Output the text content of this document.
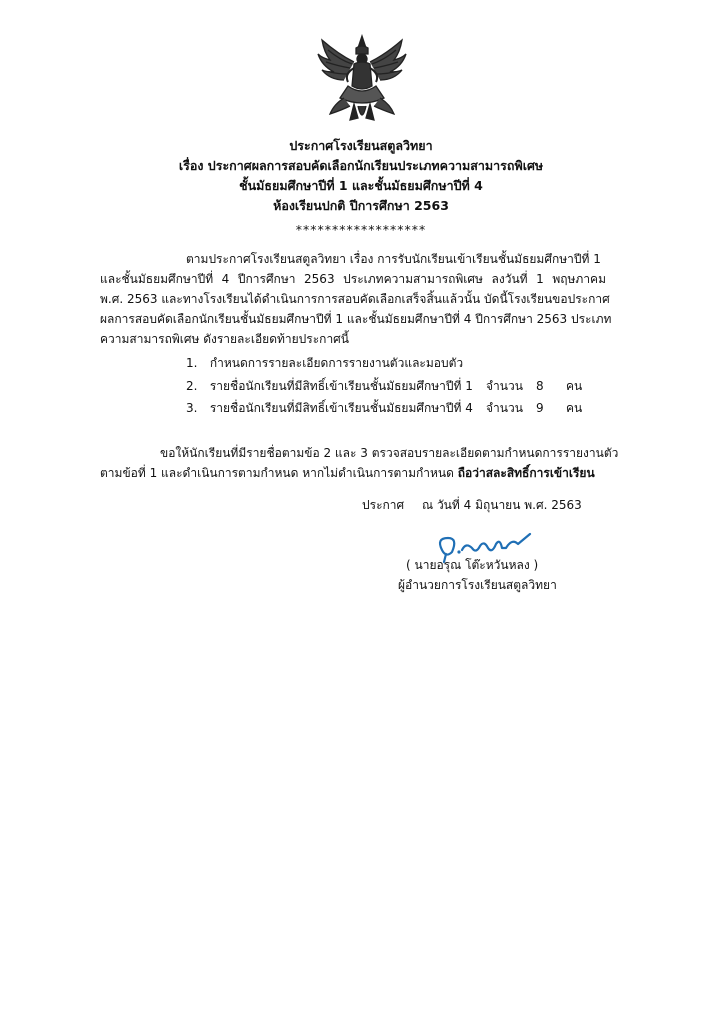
ประกาศโรงเรียนสตูลวิทยา
เรื่อง ประกาศผลการสอบคัดเลือกนักเรียนประเภทความสามารถพิเศษ
ชั้นมัธยมศึกษาปีที่ 1 และชั้นมัธยมศึกษาปีที่ 4
ห้องเรียนปกติ ปีการศึกษา 2563
******************
ตามประกาศโรงเรียนสตูลวิทยา เรื่อง การรับนักเรียนเข้าเรียนชั้นมัธยมศึกษาปีที่ 1
และชั้นมัธยมศึกษาปีที่ 4 ปีการศึกษา 2563 ประเภทความสามารถพิเศษ ลงวันที่ 1 พฤษภาคม
พ.ศ. 2563 และทางโรงเรียนได้ดำเนินการการสอบคัดเลือกเสร็จสิ้นแล้วนั้น บัดนี้โรงเรียนขอประกาศ
ผลการสอบคัดเลือกนักเรียนชั้นมัธยมศึกษาปีที่ 1 และชั้นมัธยมศึกษาปีที่ 4 ปีการศึกษา 2563 ประเภท
ความสามารถพิเศษ ดังรายละเอียดท้ายประกาศนี้
1. กำหนดการรายละเอียดการรายงานตัวและมอบตัว
2. รายชื่อนักเรียนที่มีสิทธิ์เข้าเรียนชั้นมัธยมศึกษาปีที่ 1 จำนวน 8 คน
3. รายชื่อนักเรียนที่มีสิทธิ์เข้าเรียนชั้นมัธยมศึกษาปีที่ 4 จำนวน 9 คน
ขอให้นักเรียนที่มีรายชื่อตามข้อ 2 และ 3 ตรวจสอบรายละเอียดตามกำหนดการรายงานตัว
ตามข้อที่ 1 และดำเนินการตามกำหนด หากไม่ดำเนินการตามกำหนด ถือว่าสละสิทธิ์การเข้าเรียน
ประกาศ ณ วันที่ 4 มิถุนายน พ.ศ. 2563
( นายอรุณ โต๊ะหวันหลง )
ผู้อำนวยการโรงเรียนสตูลวิทยา
